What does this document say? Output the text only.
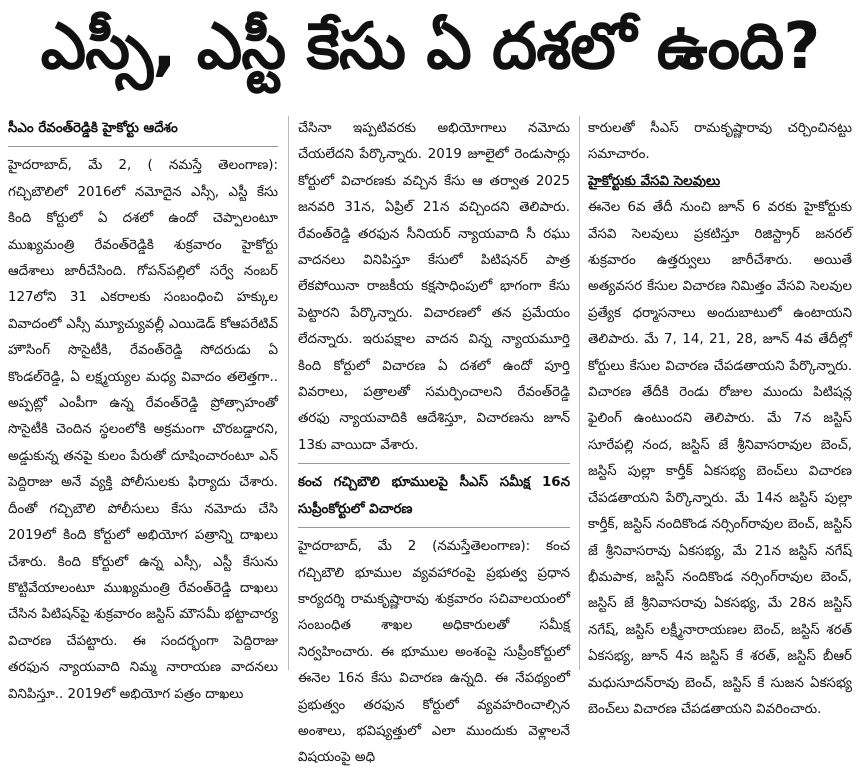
ఎస్సీ, ఎస్టీ కేసు ఏ దశలో ఉంది?

సీఎం రేవంత్‌రెడ్డికి హైకోర్టు ఆదేశం

హైదరాబాద్‌, మే 2, ( నమస్తే తెలంగాణ): గచ్చిబౌలిలో 2016లో నమోదైన ఎస్సీ, ఎస్టీ కేసు కింది కోర్టులో ఏ దశలో ఉందో చెప్పాలంటూ ముఖ్యమంత్రి రేవంత్‌రెడ్డికి శుక్రవారం హైకోర్టు ఆదేశాలు జారీచేసింది. గోపన్‌పల్లిలో సర్వే నంబర్‌ 127లోని 31 ఎకరాలకు సంబంధించి హక్కుల వివాదంలో ఎస్సీ మ్యూచ్యువల్లీ ఎయిడెడ్‌ కోఆపరేటివ్‌ హౌసింగ్‌ సొసైటీకి, రేవంత్‌రెడ్డి సోదరుడు ఏ కొండల్‌రెడ్డి, ఏ లక్ష్మయ్యల మధ్య వివాదం తలెత్తగా.. అప్పట్లో ఎంపీగా ఉన్న రేవంత్‌రెడ్డి ప్రోత్సాహంతో సొసైటీకి చెందిన స్థలంలోకి అక్రమంగా చొరబడ్డారని, అడ్డుకున్న తనపై కులం పేరుతో దూషించారంటూ ఎన్‌ పెద్దిరాజు అనే వ్యక్తి పోలీసులకు ఫిర్యాదు చేశారు. దీంతో గచ్చిబౌలి పోలీసులు కేసు నమోదు చేసి 2019లో కింది కోర్టులో అభియోగ పత్రాన్ని దాఖలు చేశారు. కింది కోర్టులో ఉన్న ఎస్సీ, ఎస్టీ కేసును కొట్టివేయాలంటూ ముఖ్యమంత్రి రేవంత్‌రెడ్డి దాఖలు చేసిన పిటిషన్‌పై శుక్రవారం జస్టిస్‌ మౌసమీ భట్టాచార్య విచారణ చేపట్టారు. ఈ సందర్భంగా పెద్దిరాజు తరఫున న్యాయవాది నిమ్మ నారాయణ వాదనలు వినిపిస్తూ.. 2019లో అభియోగ పత్రం దాఖలు

చేసినా ఇప్పటివరకు అభియోగాలు నమోదు చేయలేదని పేర్కొన్నారు. 2019 జూలైలో రెండుసార్లు కోర్టులో విచారణకు వచ్చిన కేసు ఆ తర్వాత 2025 జనవరి 31న, ఏప్రిల్‌ 21న వచ్చిందని తెలిపారు. రేవంత్‌రెడ్డి తరఫున సీనియర్‌ న్యాయవాది సీ రఘు వాదనలు వినిపిస్తూ కేసులో పిటిషనర్‌ పాత్ర లేకపోయినా రాజకీయ కక్షసాధింపులో భాగంగా కేసు పెట్టారని పేర్కొన్నారు. విచారణలో తన ప్రమేయం లేదన్నారు. ఇరుపక్షాల వాదన విన్న న్యాయమూర్తి కింది కోర్టులో విచారణ ఏ దశలో ఉందో పూర్తి వివరాలు, పత్రాలతో సమర్పించాలని రేవంత్‌రెడ్డి తరఫు న్యాయవాదికి ఆదేశిస్తూ, విచారణను జూన్‌ 13కు వాయిదా వేశారు.

కంచ గచ్చిబౌలి భూములపై సీఎస్‌ సమీక్ష 16న సుప్రీంకోర్టులో విచారణ

హైదరాబాద్‌, మే 2 (నమస్తేతెలంగాణ): కంచ గచ్చిబౌలి భూముల వ్యవహారంపై ప్రభుత్వ ప్రధాన కార్యదర్శి రామకృష్ణారావు శుక్రవారం సచివాలయంలో సంబంధిత శాఖల అధికారులతో సమీక్ష నిర్వహించారు. ఈ భూముల అంశంపై సుప్రీంకోర్టులో ఈనెల 16న కేసు విచారణ ఉన్నది. ఈ నేపథ్యంలో ప్రభుత్వం తరఫున కోర్టులో వ్యవహరించాల్సిన అంశాలు, భవిష్యత్తులో ఎలా ముందుకు వెళ్లాలనే విషయంపై అధి

కారులతో సీఎస్‌ రామకృష్ణారావు చర్చించినట్టు సమాచారం.

హైకోర్టుకు వేసవి సెలవులు

ఈనెల 6వ తేదీ నుంచి జూన్‌ 6 వరకు హైకోర్టుకు వేసవి సెలవులు ప్రకటిస్తూ రిజిస్ట్రార్‌ జనరల్‌ శుక్రవారం ఉత్తర్వులు జారీచేశారు. అయితే అత్యవసర కేసుల విచారణ నిమిత్తం వేసవి సెలవుల ప్రత్యేక ధర్మాసనాలు అందుబాటులో ఉంటాయని తెలిపారు. మే 7, 14, 21, 28, జూన్‌ 4వ తేదీల్లో కోర్టులు కేసుల విచారణ చేపడతాయని పేర్కొన్నారు. విచారణ తేదీకి రెండు రోజుల ముందు పిటిషన్ల ఫైలింగ్‌ ఉంటుందని తెలిపారు. మే 7న జస్టిస్‌ సూరేపల్లి నంద, జస్టిస్‌ జే శ్రీనివాసరావుల బెంచ్‌, జస్టిస్‌ పుల్లా కార్తీక్‌ ఏకసభ్య బెంచ్‌లు విచారణ చేపడతాయని పేర్కొన్నారు. మే 14న జస్టిస్‌ పుల్లా కార్తీక్‌, జస్టిస్‌ నందికొండ నర్సింగ్‌రావుల బెంచ్‌, జస్టిస్‌ జే శ్రీనివాసరావు ఏకసభ్య, మే 21న జస్టిస్‌ నగేష్‌ భీమపాక, జస్టిస్‌ నందికొండ నర్సింగ్‌రావుల బెంచ్‌, జస్టిస్‌ జే శ్రీనివాసరావు ఏకసభ్య, మే 28న జస్టిస్‌ నగేష్‌, జస్టిస్‌ లక్ష్మీనారాయణల బెంచ్‌, జస్టిస్‌ శరత్‌ ఏకసభ్య, జూన్‌ 4న జస్టిస్‌ కే శరత్‌, జస్టిస్‌ బీఆర్‌ మధుసూదన్‌రావు బెంచ్‌, జస్టిస్‌ కే సుజన ఏకసభ్య బెంచ్‌లు విచారణ చేపడతాయని వివరించారు.
